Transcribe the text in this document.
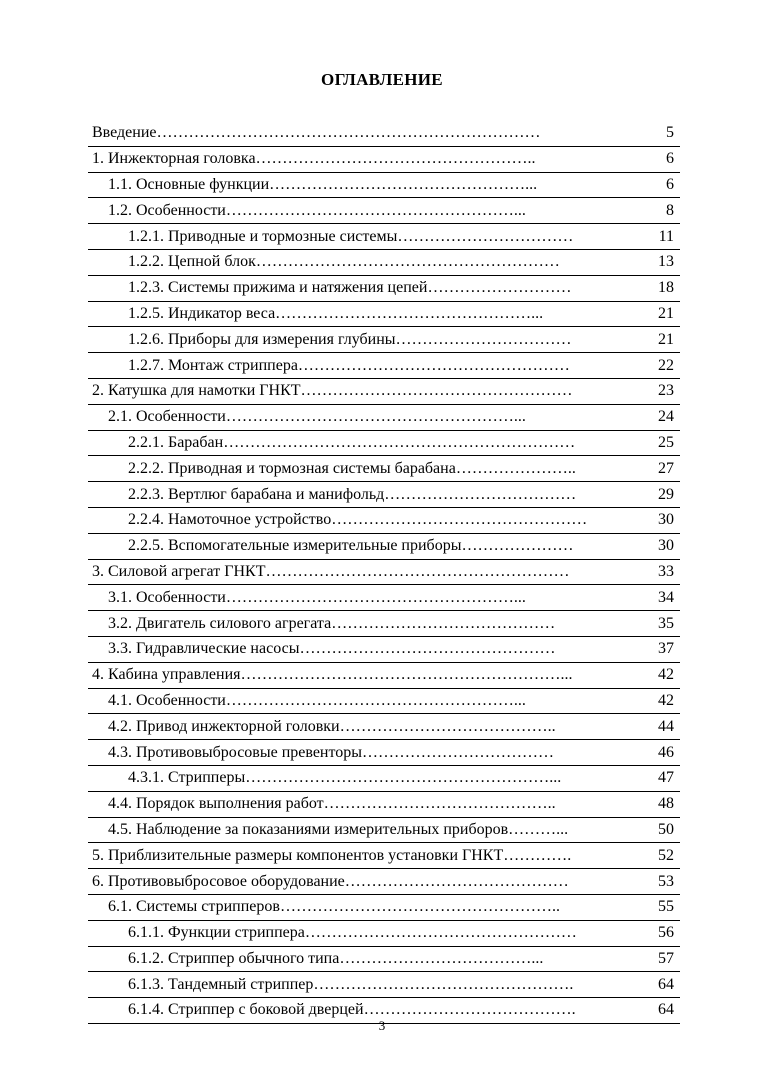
ОГЛАВЛЕНИЕ
Введение………………………………………………………………	5
1. Инжекторная головка……………………………………………..	6
1.1. Основные функции…………………………………………...	6
1.2. Особенности………………………………………………...	8
1.2.1. Приводные и тормозные системы……………………………	11
1.2.2. Цепной блок…………………………………………………	13
1.2.3. Системы прижима и натяжения цепей………………………	18
1.2.5. Индикатор веса…………………………………………...	21
1.2.6. Приборы для измерения глубины……………………………	21
1.2.7. Монтаж стриппера……………………………………………	22
2. Катушка для намотки ГНКТ……………………………………………	23
2.1. Особенности………………………………………………...	24
2.2.1. Барабан…………………………………………………………	25
2.2.2. Приводная и тормозная системы барабана…………………..	27
2.2.3. Вертлюг барабана и манифольд………………………………	29
2.2.4. Намоточное устройство…………………………………………	30
2.2.5. Вспомогательные измерительные приборы…………………	30
3. Силовой агрегат ГНКТ…………………………………………………	33
3.1. Особенности………………………………………………...	34
3.2. Двигатель силового агрегата……………………………………	35
3.3. Гидравлические насосы…………………………………………	37
4. Кабина управления……………………………………………………...	42
4.1. Особенности………………………………………………...	42
4.2. Привод инжекторной головки…………………………………..	44
4.3. Противовыбросовые превенторы………………………………	46
4.3.1. Стрипперы…………………………………………………...	47
4.4. Порядок выполнения работ……………………………………..	48
4.5. Наблюдение за показаниями измерительных приборов………...	50
5. Приблизительные размеры компонентов установки ГНКТ………….	52
6. Противовыбросовое оборудование……………………………………	53
6.1. Системы стрипперов……………………………………………..	55
6.1.1. Функции стриппера……………………………………………	56
6.1.2. Стриппер обычного типа………………………………...	57
6.1.3. Тандемный стриппер………………………………………….	64
6.1.4. Стриппер с боковой дверцей………………………………….	64
3
